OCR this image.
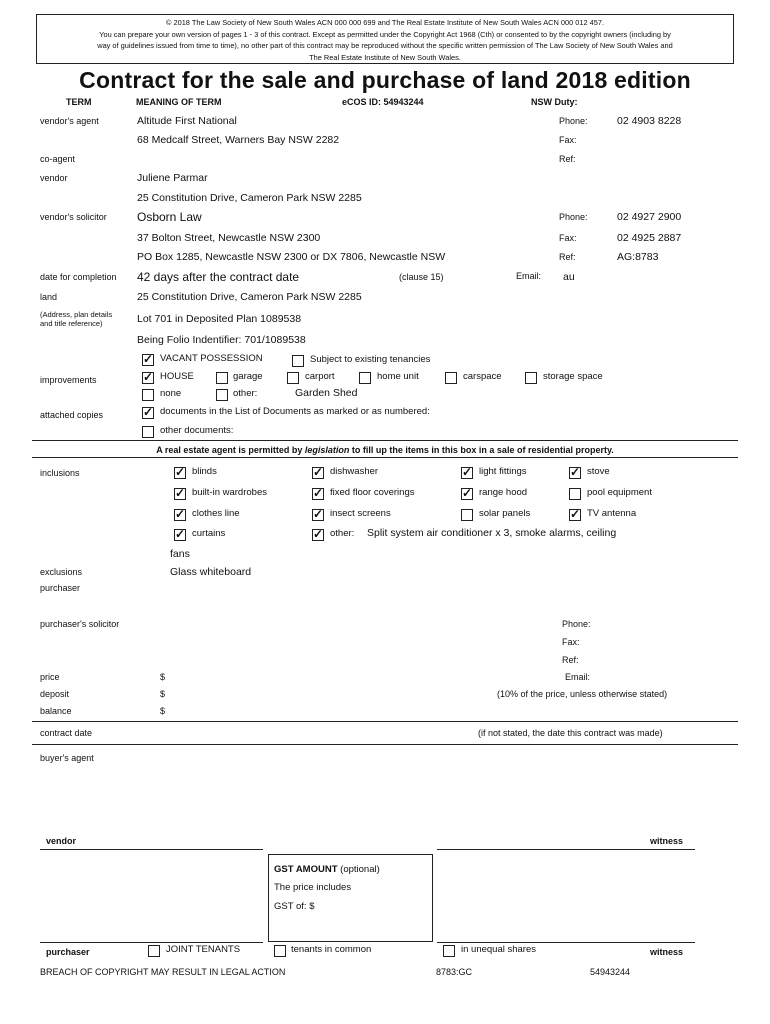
© 2018 The Law Society of New South Wales ACN 000 000 699 and The Real Estate Institute of New South Wales ACN 000 012 457.
You can prepare your own version of pages 1 - 3 of this contract. Except as permitted under the Copyright Act 1968 (Cth) or consented to by the copyright owners (including by
way of guidelines issued from time to time), no other part of this contract may be reproduced without the specific written permission of The Law Society of New South Wales and
The Real Estate Institute of New South Wales.
Contract for the sale and purchase of land 2018 edition
TERM	MEANING OF TERM	eCOS ID: 54943244	NSW Duty:
vendor's agent	Altitude First National	Phone:	02 4903 8228
68 Medcalf Street, Warners Bay NSW 2282	Fax:
co-agent	Ref:
vendor	Juliene Parmar
25 Constitution Drive, Cameron Park NSW 2285
vendor's solicitor	Osborn Law	Phone:	02 4927 2900
37 Bolton Street, Newcastle NSW 2300	Fax:	02 4925 2887
PO Box 1285, Newcastle NSW 2300 or DX 7806, Newcastle NSW	Ref:	AG:8783
date for completion 42 days after the contract date	(clause 15)	Email: au
land	25 Constitution Drive, Cameron Park NSW 2285
(Address, plan details
and title reference)	Lot 701 in Deposited Plan 1089538
Being Folio Indentifier: 701/1089538
✓ VACANT POSSESSION	Subject to existing tenancies
improvements	✓ HOUSE	garage	carport	home unit	carspace	storage space
none	other:	Garden Shed
attached copies	✓ documents in the List of Documents as marked or as numbered:
other documents:
A real estate agent is permitted by legislation to fill up the items in this box in a sale of residential property.
inclusions	✓ blinds	✓ dishwasher	✓ light fittings	✓ stove
✓ built-in wardrobes	✓ fixed floor coverings	✓ range hood	pool equipment
✓ clothes line	✓ insect screens	solar panels	✓ TV antenna
✓ curtains	✓ other: Split system air conditioner x 3, smoke alarms, ceiling
fans
exclusions	Glass whiteboard
purchaser
purchaser's solicitor	Phone:
Fax:
Ref:
price	$	Email:
deposit	$	(10% of the price, unless otherwise stated)
balance	$
contract date	(if not stated, the date this contract was made)
buyer's agent
vendor	witness
GST AMOUNT (optional)
The price includes
GST of: $
purchaser	JOINT TENANTS	tenants in common	in unequal shares	witness
BREACH OF COPYRIGHT MAY RESULT IN LEGAL ACTION	8783:GC	54943244
